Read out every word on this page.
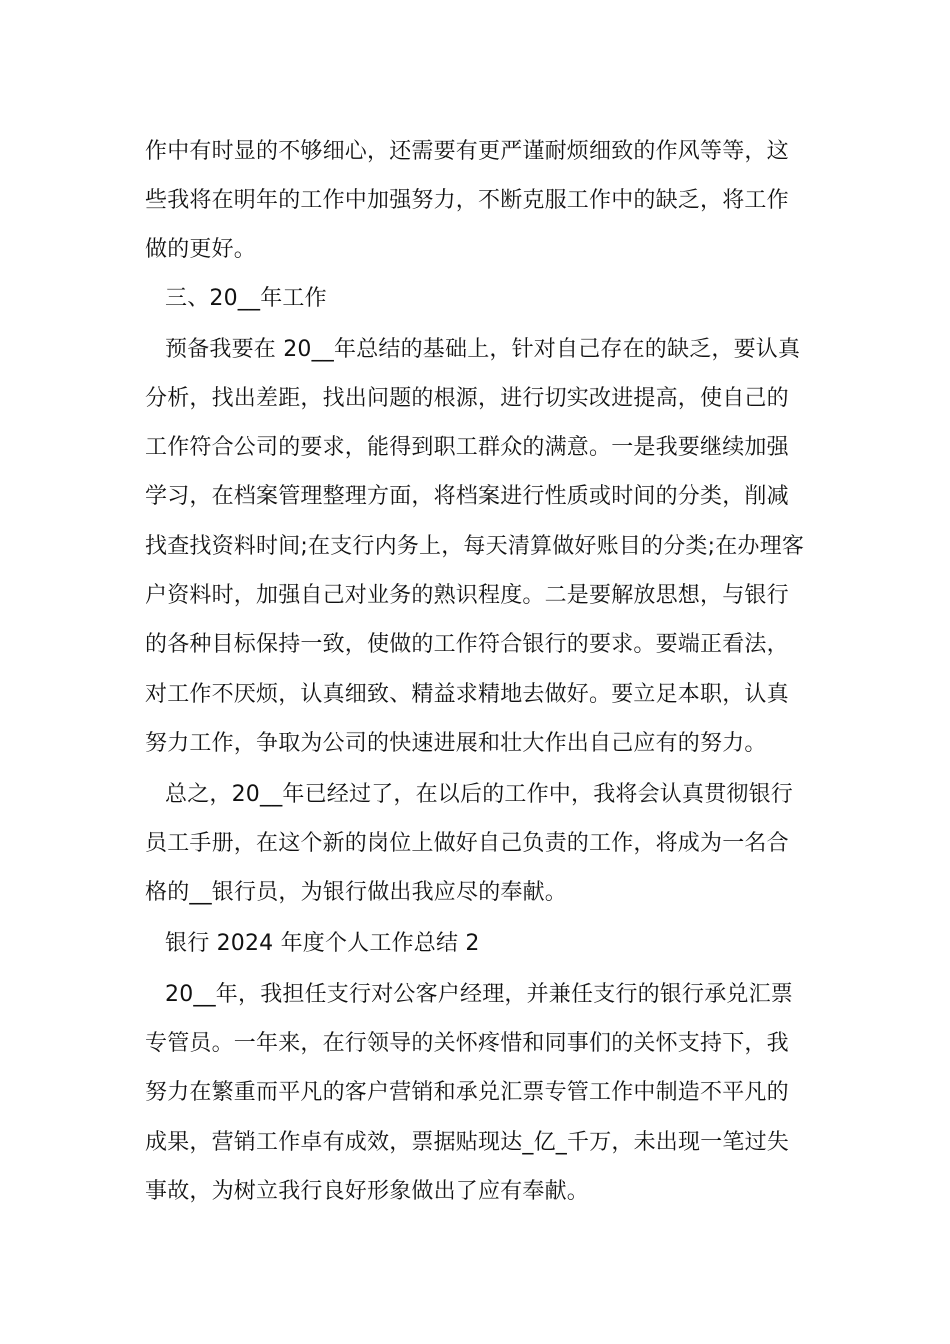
作中有时显的不够细心，还需要有更严谨耐烦细致的作风等等，这
些我将在明年的工作中加强努力，不断克服工作中的缺乏，将工作
做的更好。
三、20__年工作
预备我要在 20__年总结的基础上，针对自己存在的缺乏，要认真
分析，找出差距，找出问题的根源，进行切实改进提高，使自己的
工作符合公司的要求，能得到职工群众的满意。一是我要继续加强
学习，在档案管理整理方面，将档案进行性质或时间的分类，削减
找查找资料时间;在支行内务上，每天清算做好账目的分类;在办理客
户资料时，加强自己对业务的熟识程度。二是要解放思想，与银行
的各种目标保持一致，使做的工作符合银行的要求。要端正看法，
对工作不厌烦，认真细致、精益求精地去做好。要立足本职，认真
努力工作，争取为公司的快速进展和壮大作出自己应有的努力。
总之，20__年已经过了，在以后的工作中，我将会认真贯彻银行
员工手册，在这个新的岗位上做好自己负责的工作，将成为一名合
格的__银行员，为银行做出我应尽的奉献。
银行 2024 年度个人工作总结 2
20__年，我担任支行对公客户经理，并兼任支行的银行承兑汇票
专管员。一年来，在行领导的关怀疼惜和同事们的关怀支持下，我
努力在繁重而平凡的客户营销和承兑汇票专管工作中制造不平凡的
成果，营销工作卓有成效，票据贴现达_亿_千万，未出现一笔过失
事故，为树立我行良好形象做出了应有奉献。
